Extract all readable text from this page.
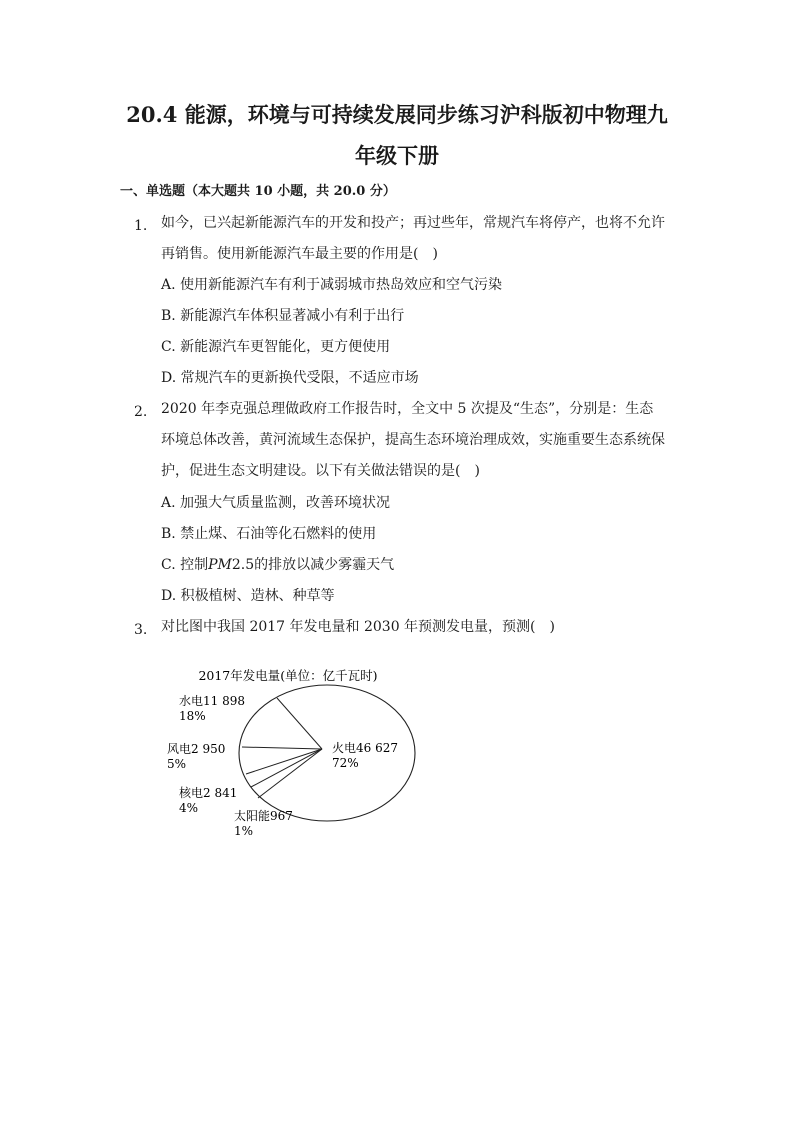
20.4 能源，环境与可持续发展同步练习沪科版初中物理九
年级下册
一、单选题（本大题共 10 小题，共 20.0 分）
1. 如今，已兴起新能源汽车的开发和投产；再过些年，常规汽车将停产，也将不允许
再销售。使用新能源汽车最主要的作用是(　)
A. 使用新能源汽车有利于减弱城市热岛效应和空气污染
B. 新能源汽车体积显著减小有利于出行
C. 新能源汽车更智能化，更方便使用
D. 常规汽车的更新换代受限，不适应市场
2. 2020 年李克强总理做政府工作报告时，全文中 5 次提及“生态”，分别是：生态
环境总体改善，黄河流域生态保护，提高生态环境治理成效，实施重要生态系统保
护，促进生态文明建设。以下有关做法错误的是(　)
A. 加强大气质量监测，改善环境状况
B. 禁止煤、石油等化石燃料的使用
C. 控制PM2.5的排放以减少雾霾天气
D. 积极植树、造林、种草等
3. 对比图中我国 2017 年发电量和 2030 年预测发电量，预测(　)
2017年发电量(单位：亿千瓦时)
水电11 898
18%
风电2 950
5%
核电2 841
4%
太阳能967
1%
火电46 627
72%
